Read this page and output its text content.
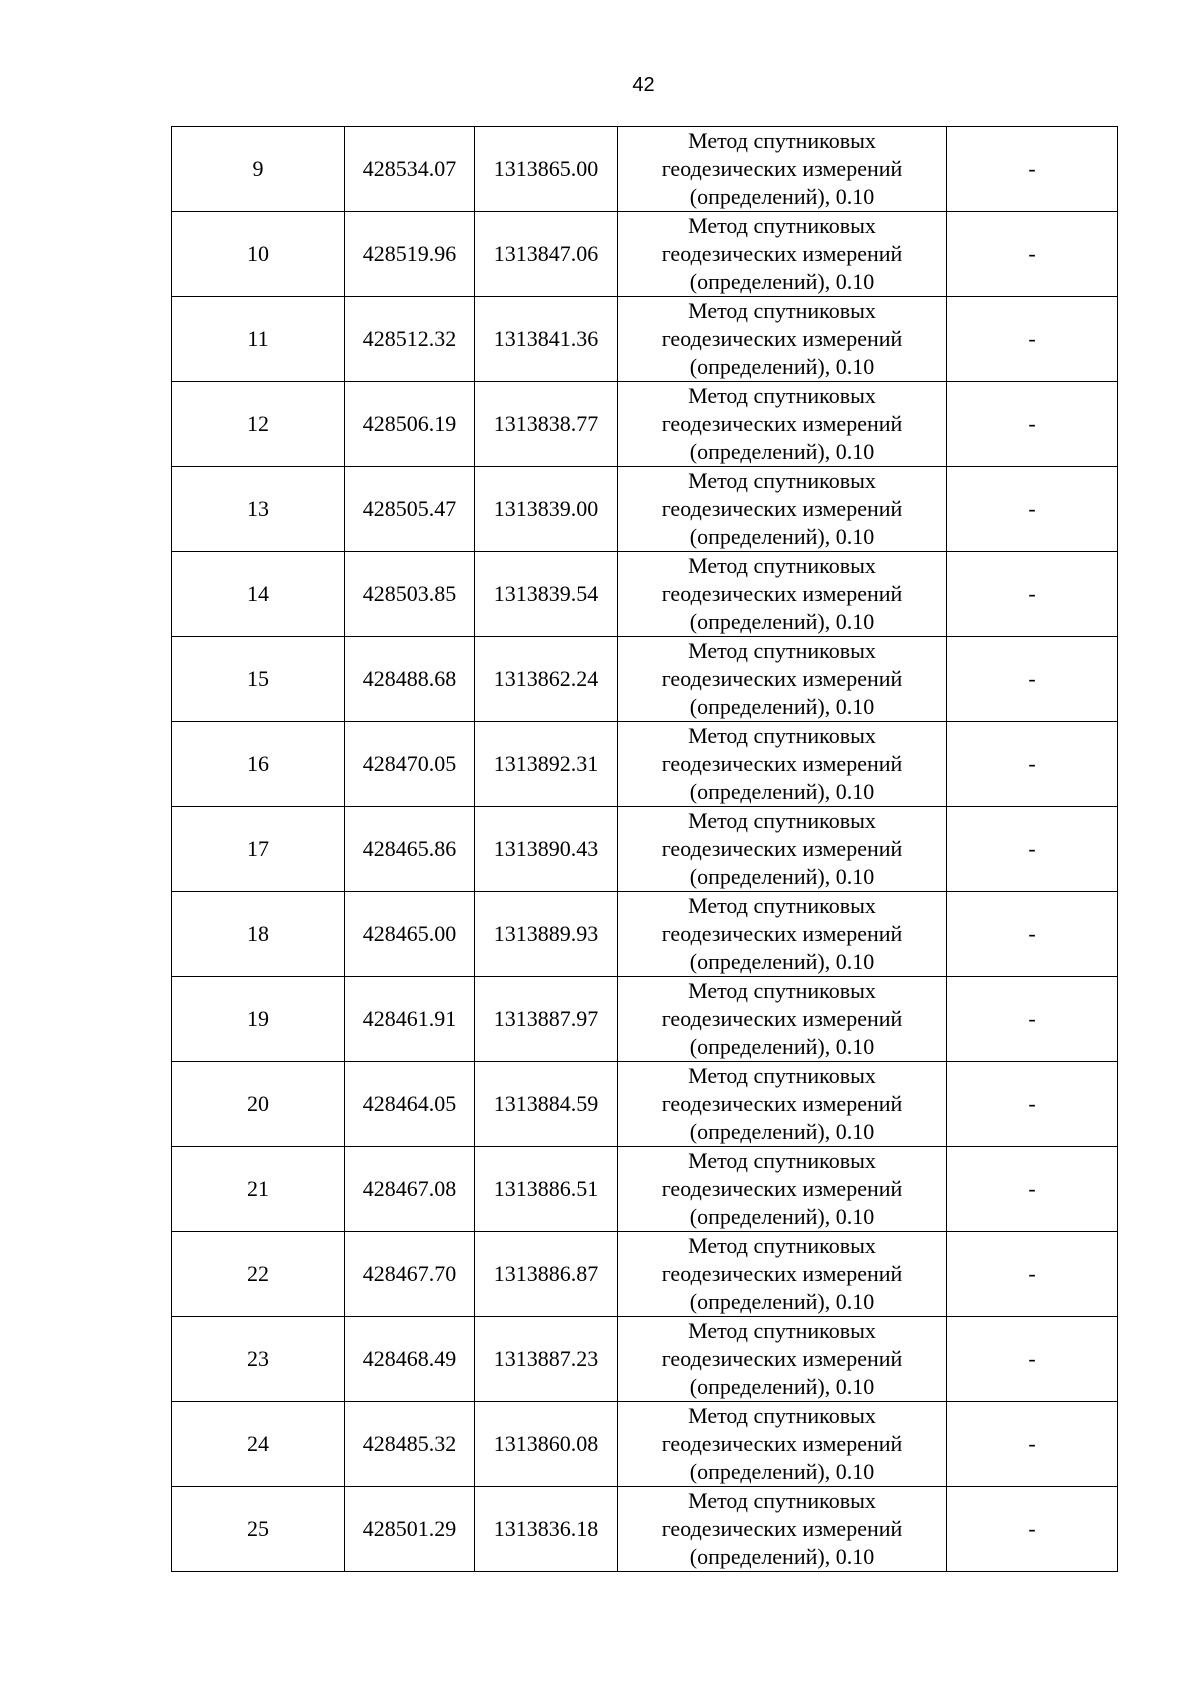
42
9	428534.07	1313865.00	Метод спутниковых
геодезических измерений
(определений), 0.10	-
10	428519.96	1313847.06	Метод спутниковых
геодезических измерений
(определений), 0.10	-
11	428512.32	1313841.36	Метод спутниковых
геодезических измерений
(определений), 0.10	-
12	428506.19	1313838.77	Метод спутниковых
геодезических измерений
(определений), 0.10	-
13	428505.47	1313839.00	Метод спутниковых
геодезических измерений
(определений), 0.10	-
14	428503.85	1313839.54	Метод спутниковых
геодезических измерений
(определений), 0.10	-
15	428488.68	1313862.24	Метод спутниковых
геодезических измерений
(определений), 0.10	-
16	428470.05	1313892.31	Метод спутниковых
геодезических измерений
(определений), 0.10	-
17	428465.86	1313890.43	Метод спутниковых
геодезических измерений
(определений), 0.10	-
18	428465.00	1313889.93	Метод спутниковых
геодезических измерений
(определений), 0.10	-
19	428461.91	1313887.97	Метод спутниковых
геодезических измерений
(определений), 0.10	-
20	428464.05	1313884.59	Метод спутниковых
геодезических измерений
(определений), 0.10	-
21	428467.08	1313886.51	Метод спутниковых
геодезических измерений
(определений), 0.10	-
22	428467.70	1313886.87	Метод спутниковых
геодезических измерений
(определений), 0.10	-
23	428468.49	1313887.23	Метод спутниковых
геодезических измерений
(определений), 0.10	-
24	428485.32	1313860.08	Метод спутниковых
геодезических измерений
(определений), 0.10	-
25	428501.29	1313836.18	Метод спутниковых
геодезических измерений
(определений), 0.10	-
